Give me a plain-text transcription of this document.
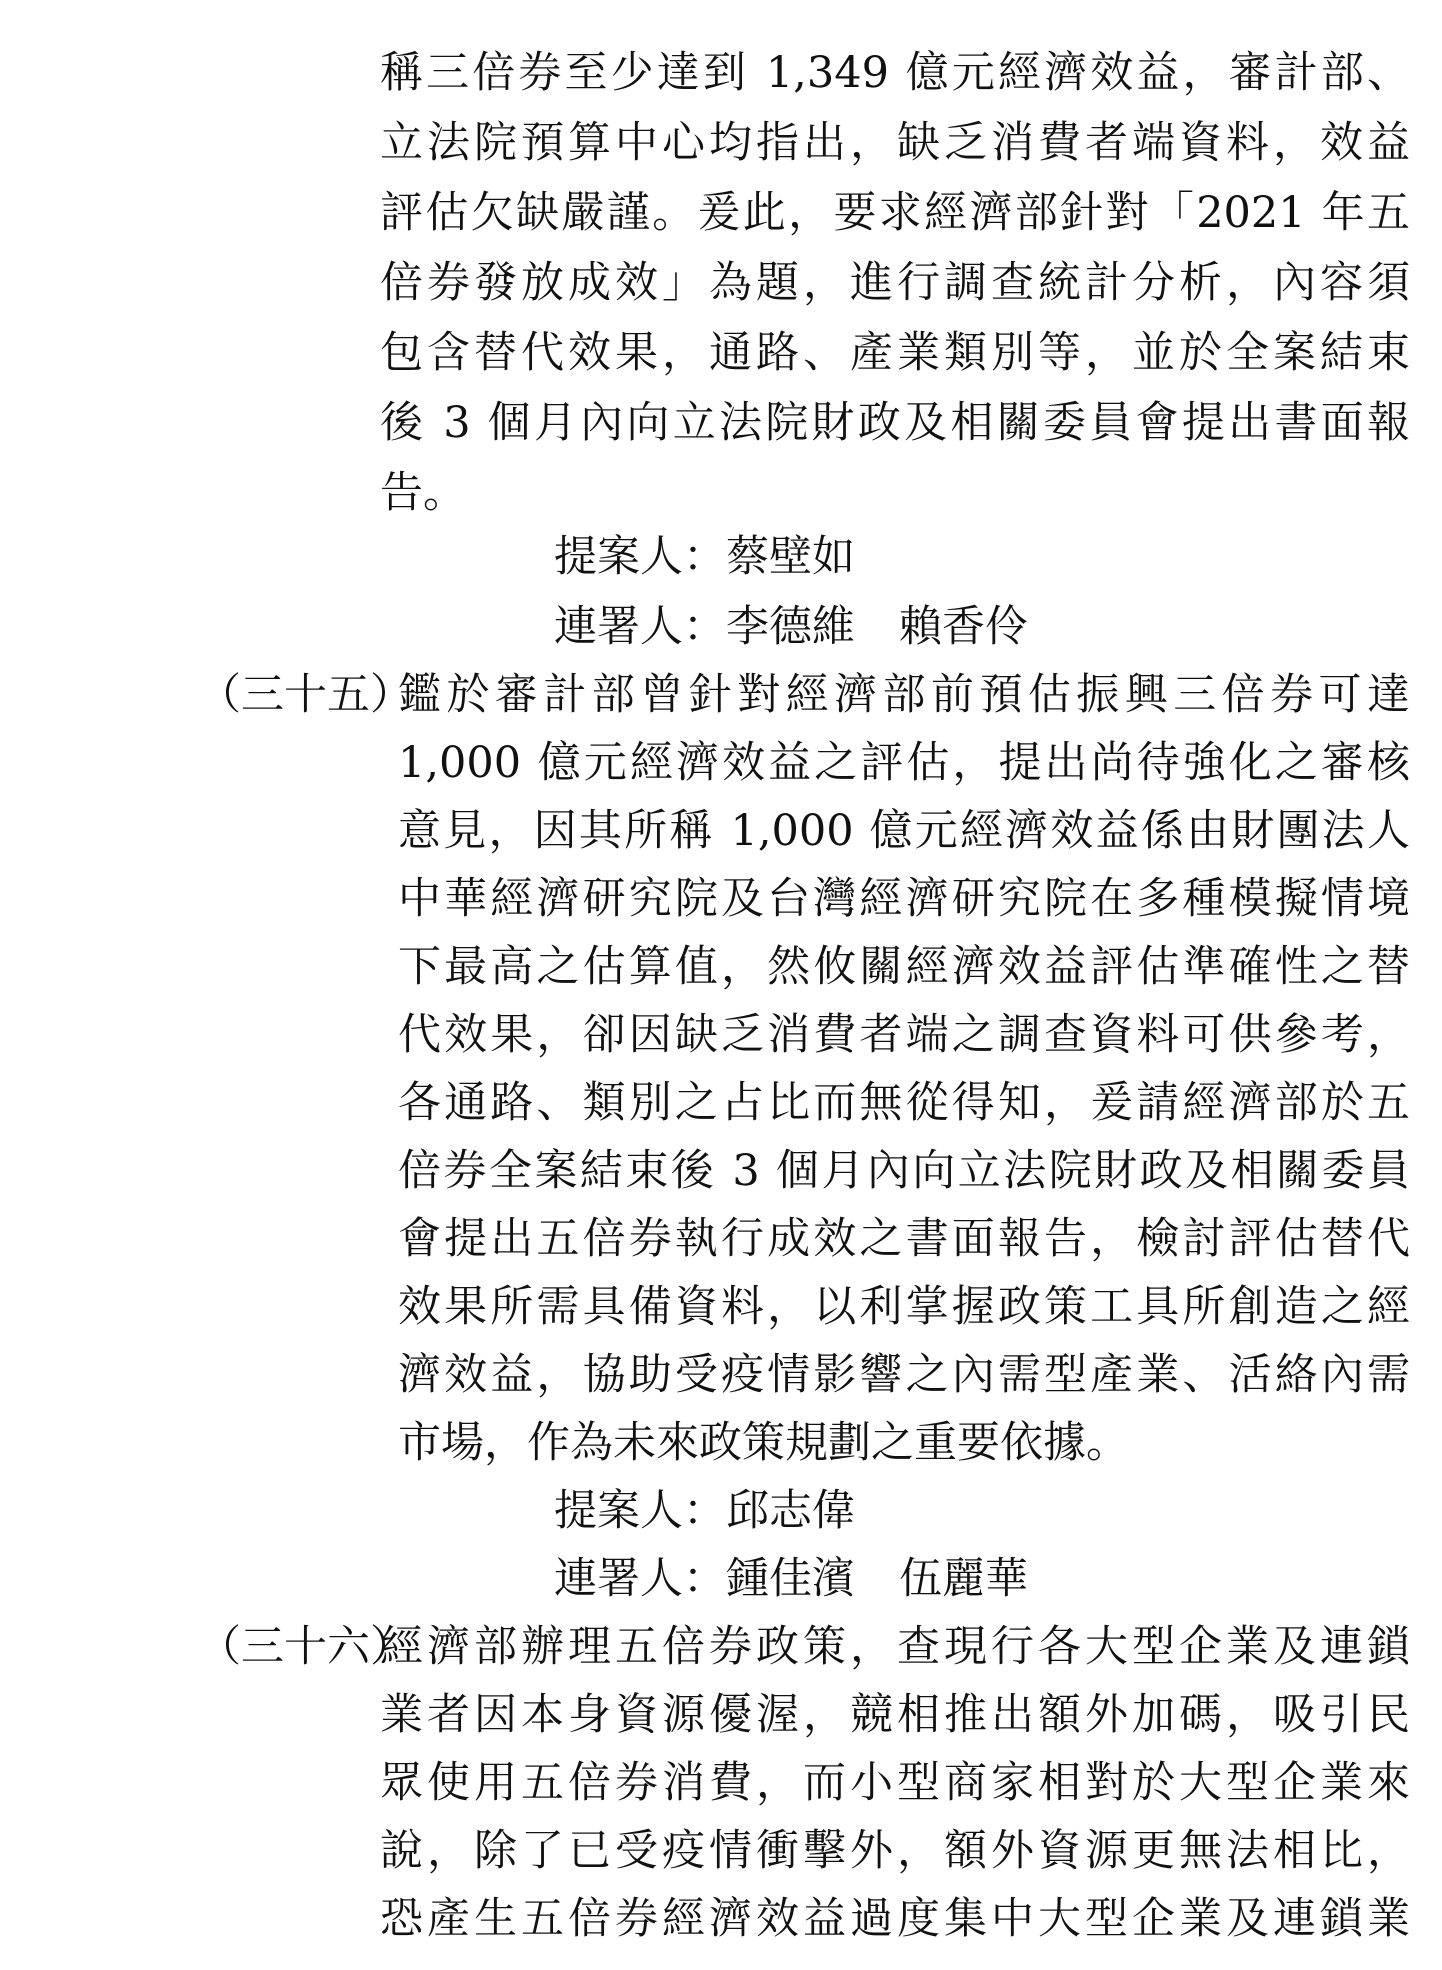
稱三倍券至少達到 1,349 億元經濟效益，審計部、
立法院預算中心均指出，缺乏消費者端資料，效益
評估欠缺嚴謹。爰此，要求經濟部針對「2021 年五
倍券發放成效」為題，進行調查統計分析，內容須
包含替代效果，通路、產業類別等，並於全案結束
後 3 個月內向立法院財政及相關委員會提出書面報
告。
提案人：蔡壁如
連署人：李德維 賴香伶
（三十五）
鑑於審計部曾針對經濟部前預估振興三倍券可達
1,000 億元經濟效益之評估，提出尚待強化之審核
意見，因其所稱 1,000 億元經濟效益係由財團法人
中華經濟研究院及台灣經濟研究院在多種模擬情境
下最高之估算值，然攸關經濟效益評估準確性之替
代效果，卻因缺乏消費者端之調查資料可供參考，
各通路、類別之占比而無從得知，爰請經濟部於五
倍券全案結束後 3 個月內向立法院財政及相關委員
會提出五倍券執行成效之書面報告，檢討評估替代
效果所需具備資料，以利掌握政策工具所創造之經
濟效益，協助受疫情影響之內需型產業、活絡內需
市場，作為未來政策規劃之重要依據。
提案人：邱志偉
連署人：鍾佳濱 伍麗華
（三十六）
經濟部辦理五倍券政策，查現行各大型企業及連鎖
業者因本身資源優渥，競相推出額外加碼，吸引民
眾使用五倍券消費，而小型商家相對於大型企業來
說，除了已受疫情衝擊外，額外資源更無法相比，
恐產生五倍券經濟效益過度集中大型企業及連鎖業
